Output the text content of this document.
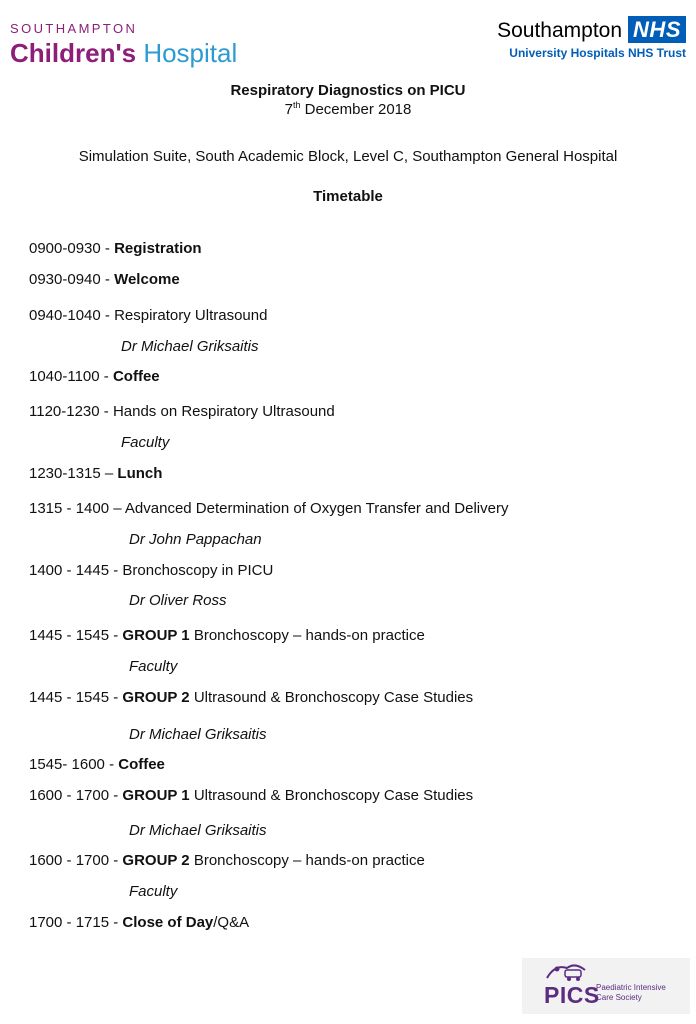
SOUTHAMPTON
Children's Hospital
Southampton NHS
University Hospitals NHS Trust
Respiratory Diagnostics on PICU
7th December 2018
Simulation Suite, South Academic Block, Level C, Southampton General Hospital
Timetable
0900-0930 - Registration
0930-0940 - Welcome
0940-1040 - Respiratory Ultrasound
Dr Michael Griksaitis
1040-1100 - Coffee
1120-1230 - Hands on Respiratory Ultrasound
Faculty
1230-1315 – Lunch
1315 - 1400 – Advanced Determination of Oxygen Transfer and Delivery
Dr John Pappachan
1400 - 1445 - Bronchoscopy in PICU
Dr Oliver Ross
1445 - 1545 - GROUP 1 Bronchoscopy – hands-on practice
Faculty
1445 - 1545 - GROUP 2 Ultrasound & Bronchoscopy Case Studies
Dr Michael Griksaitis
1545- 1600 - Coffee
1600 - 1700 - GROUP 1 Ultrasound & Bronchoscopy Case Studies
Dr Michael Griksaitis
1600 - 1700 - GROUP 2 Bronchoscopy – hands-on practice
Faculty
1700 - 1715 - Close of Day/Q&A
PICS
Paediatric Intensive
Care Society
